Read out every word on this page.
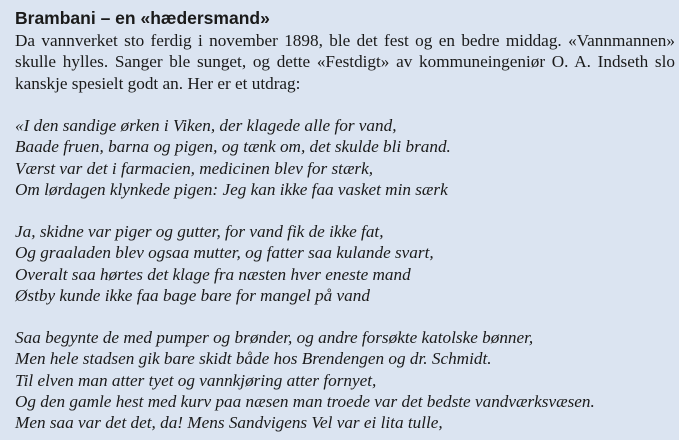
Brambani – en «hædersmand»

Da vannverket sto ferdig i november 1898, ble det fest og en bedre middag. «Vannmannen»
skulle hylles. Sanger ble sunget, og dette «Festdigt» av kommuneingeniør O. A. Indseth slo
kanskje spesielt godt an. Her er et utdrag:

«I den sandige ørken i Viken, der klagede alle for vand,
Baade fruen, barna og pigen, og tænk om, det skulde bli brand.
Værst var det i farmacien, medicinen blev for stærk,
Om lørdagen klynkede pigen: Jeg kan ikke faa vasket min særk
Ja, skidne var piger og gutter, for vand fik de ikke fat,
Og graaladen blev ogsaa mutter, og fatter saa kulande svart,
Overalt saa hørtes det klage fra næsten hver eneste mand
Østby kunde ikke faa bage bare for mangel på vand
Saa begynte de med pumper og brønder, og andre forsøkte katolske bønner,
Men hele stadsen gik bare skidt både hos Brendengen og dr. Schmidt.
Til elven man atter tyet og vannkjøring atter fornyet,
Og den gamle hest med kurv paa næsen man troede var det bedste vandværksvæsen.
Men saa var det det, da! Mens Sandvigens Vel var ei lita tulle,
